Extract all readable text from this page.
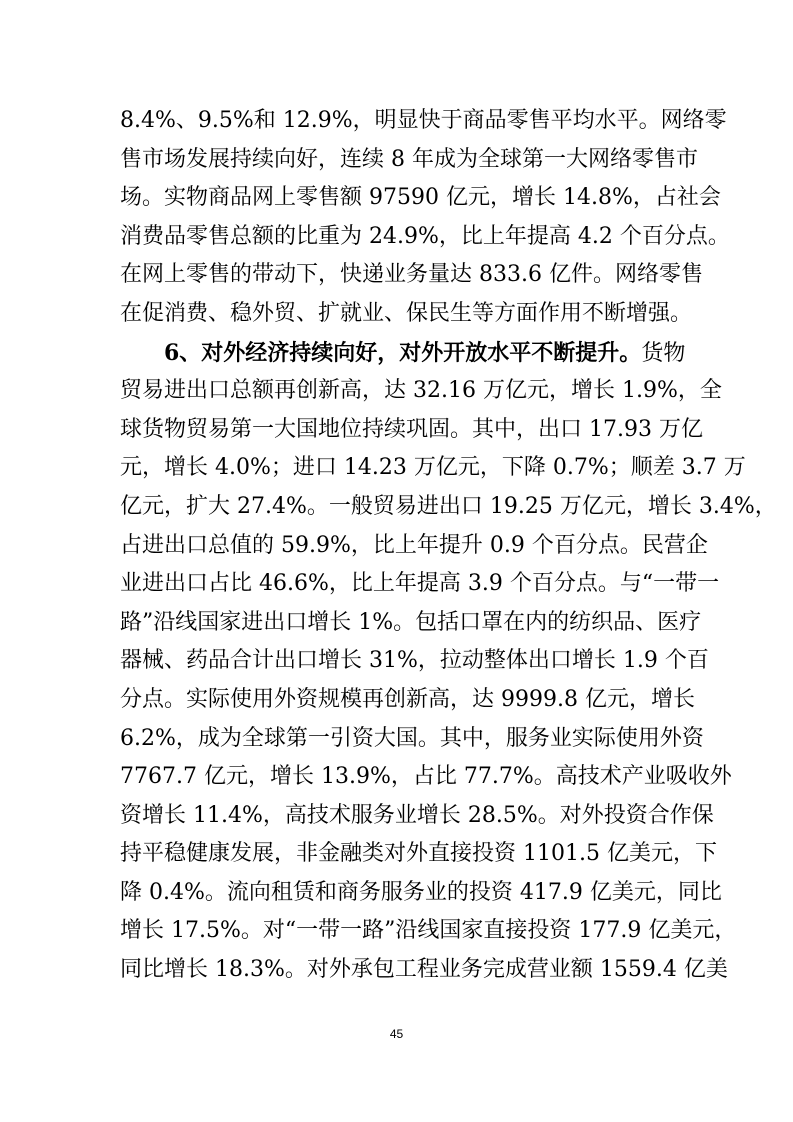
8.4%、9.5%和 12.9%，明显快于商品零售平均水平。网络零
售市场发展持续向好，连续 8 年成为全球第一大网络零售市
场。实物商品网上零售额 97590 亿元，增长 14.8%，占社会
消费品零售总额的比重为 24.9%，比上年提高 4.2 个百分点。
在网上零售的带动下，快递业务量达 833.6 亿件。网络零售
在促消费、稳外贸、扩就业、保民生等方面作用不断增强。
6、对外经济持续向好，对外开放水平不断提升。货物
贸易进出口总额再创新高，达 32.16 万亿元，增长 1.9%，全
球货物贸易第一大国地位持续巩固。其中，出口 17.93 万亿
元，增长 4.0%；进口 14.23 万亿元，下降 0.7%；顺差 3.7 万
亿元，扩大 27.4%。一般贸易进出口 19.25 万亿元，增长 3.4%，
占进出口总值的 59.9%，比上年提升 0.9 个百分点。民营企
业进出口占比 46.6%，比上年提高 3.9 个百分点。与“一带一
路”沿线国家进出口增长 1%。包括口罩在内的纺织品、医疗
器械、药品合计出口增长 31%，拉动整体出口增长 1.9 个百
分点。实际使用外资规模再创新高，达 9999.8 亿元，增长
6.2%，成为全球第一引资大国。其中，服务业实际使用外资
7767.7 亿元，增长 13.9%，占比 77.7%。高技术产业吸收外
资增长 11.4%，高技术服务业增长 28.5%。对外投资合作保
持平稳健康发展，非金融类对外直接投资 1101.5 亿美元，下
降 0.4%。流向租赁和商务服务业的投资 417.9 亿美元，同比
增长 17.5%。对“一带一路”沿线国家直接投资 177.9 亿美元，
同比增长 18.3%。对外承包工程业务完成营业额 1559.4 亿美
45
